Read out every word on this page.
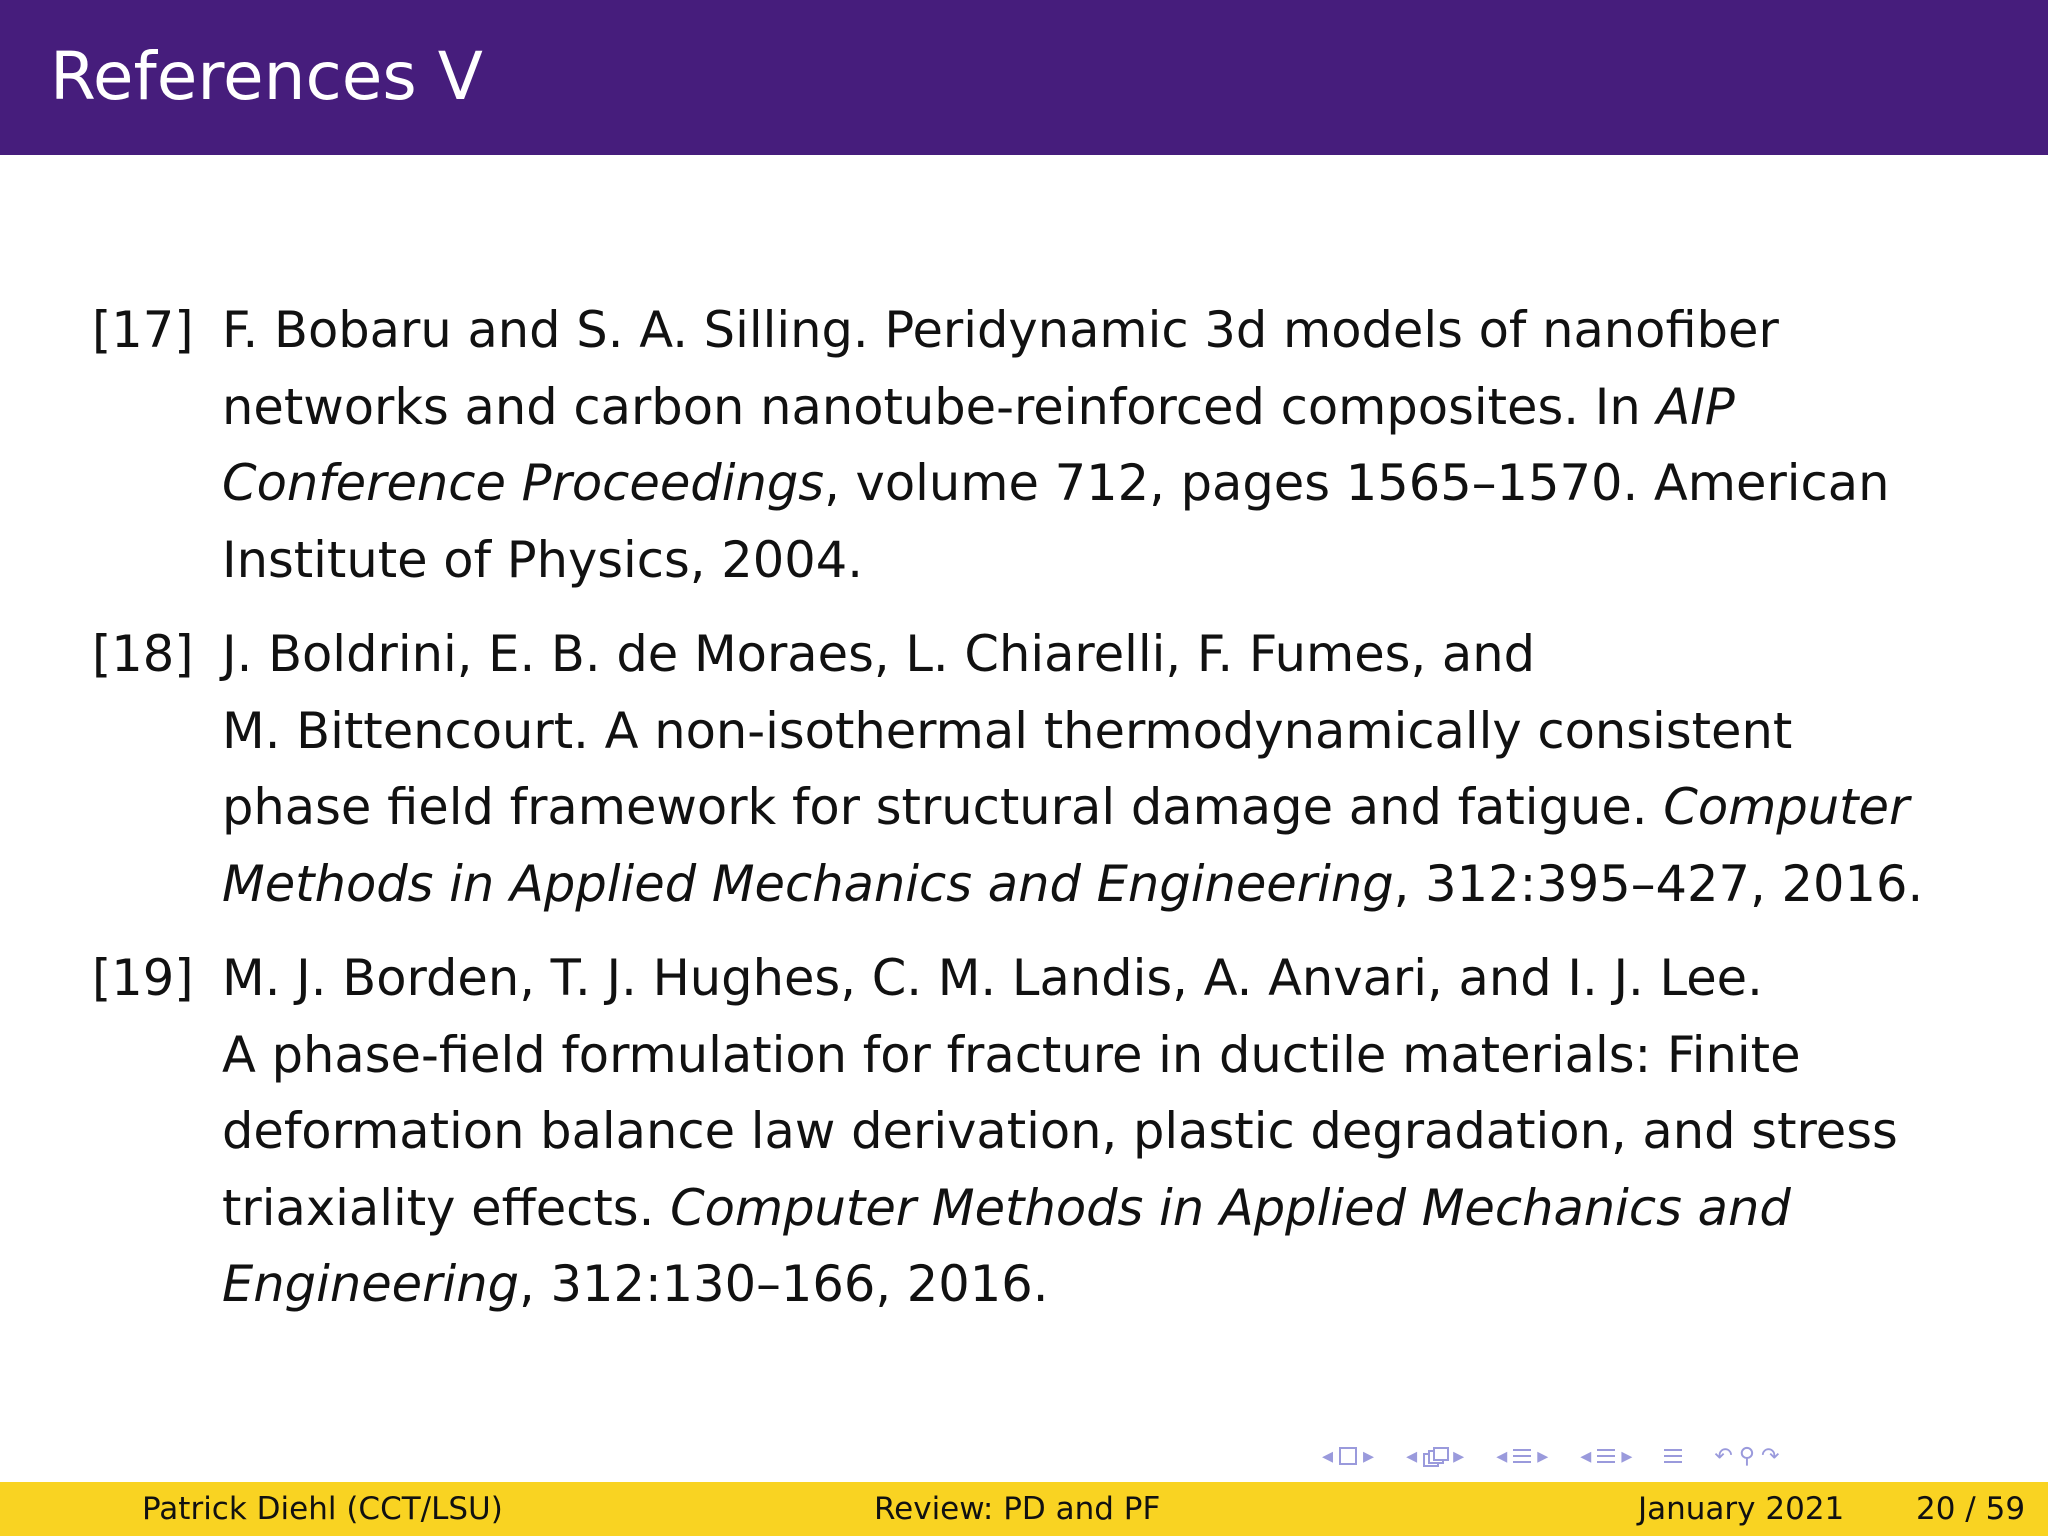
References V
[17] F. Bobaru and S. A. Silling. Peridynamic 3d models of nanofiber
networks and carbon nanotube-reinforced composites. In AIP
Conference Proceedings, volume 712, pages 1565–1570. American
Institute of Physics, 2004.
[18] J. Boldrini, E. B. de Moraes, L. Chiarelli, F. Fumes, and
M. Bittencourt. A non-isothermal thermodynamically consistent
phase field framework for structural damage and fatigue. Computer
Methods in Applied Mechanics and Engineering, 312:395–427, 2016.
[19] M. J. Borden, T. J. Hughes, C. M. Landis, A. Anvari, and I. J. Lee.
A phase-field formulation for fracture in ductile materials: Finite
deformation balance law derivation, plastic degradation, and stress
triaxiality effects. Computer Methods in Applied Mechanics and
Engineering, 312:130–166, 2016.
◂ ▸ ◂ ▸ ◂ ▸ ◂ ▸	↶ ⚲ ↷
Patrick Diehl (CCT/LSU)	Review: PD and PF	January 2021 20 / 59
